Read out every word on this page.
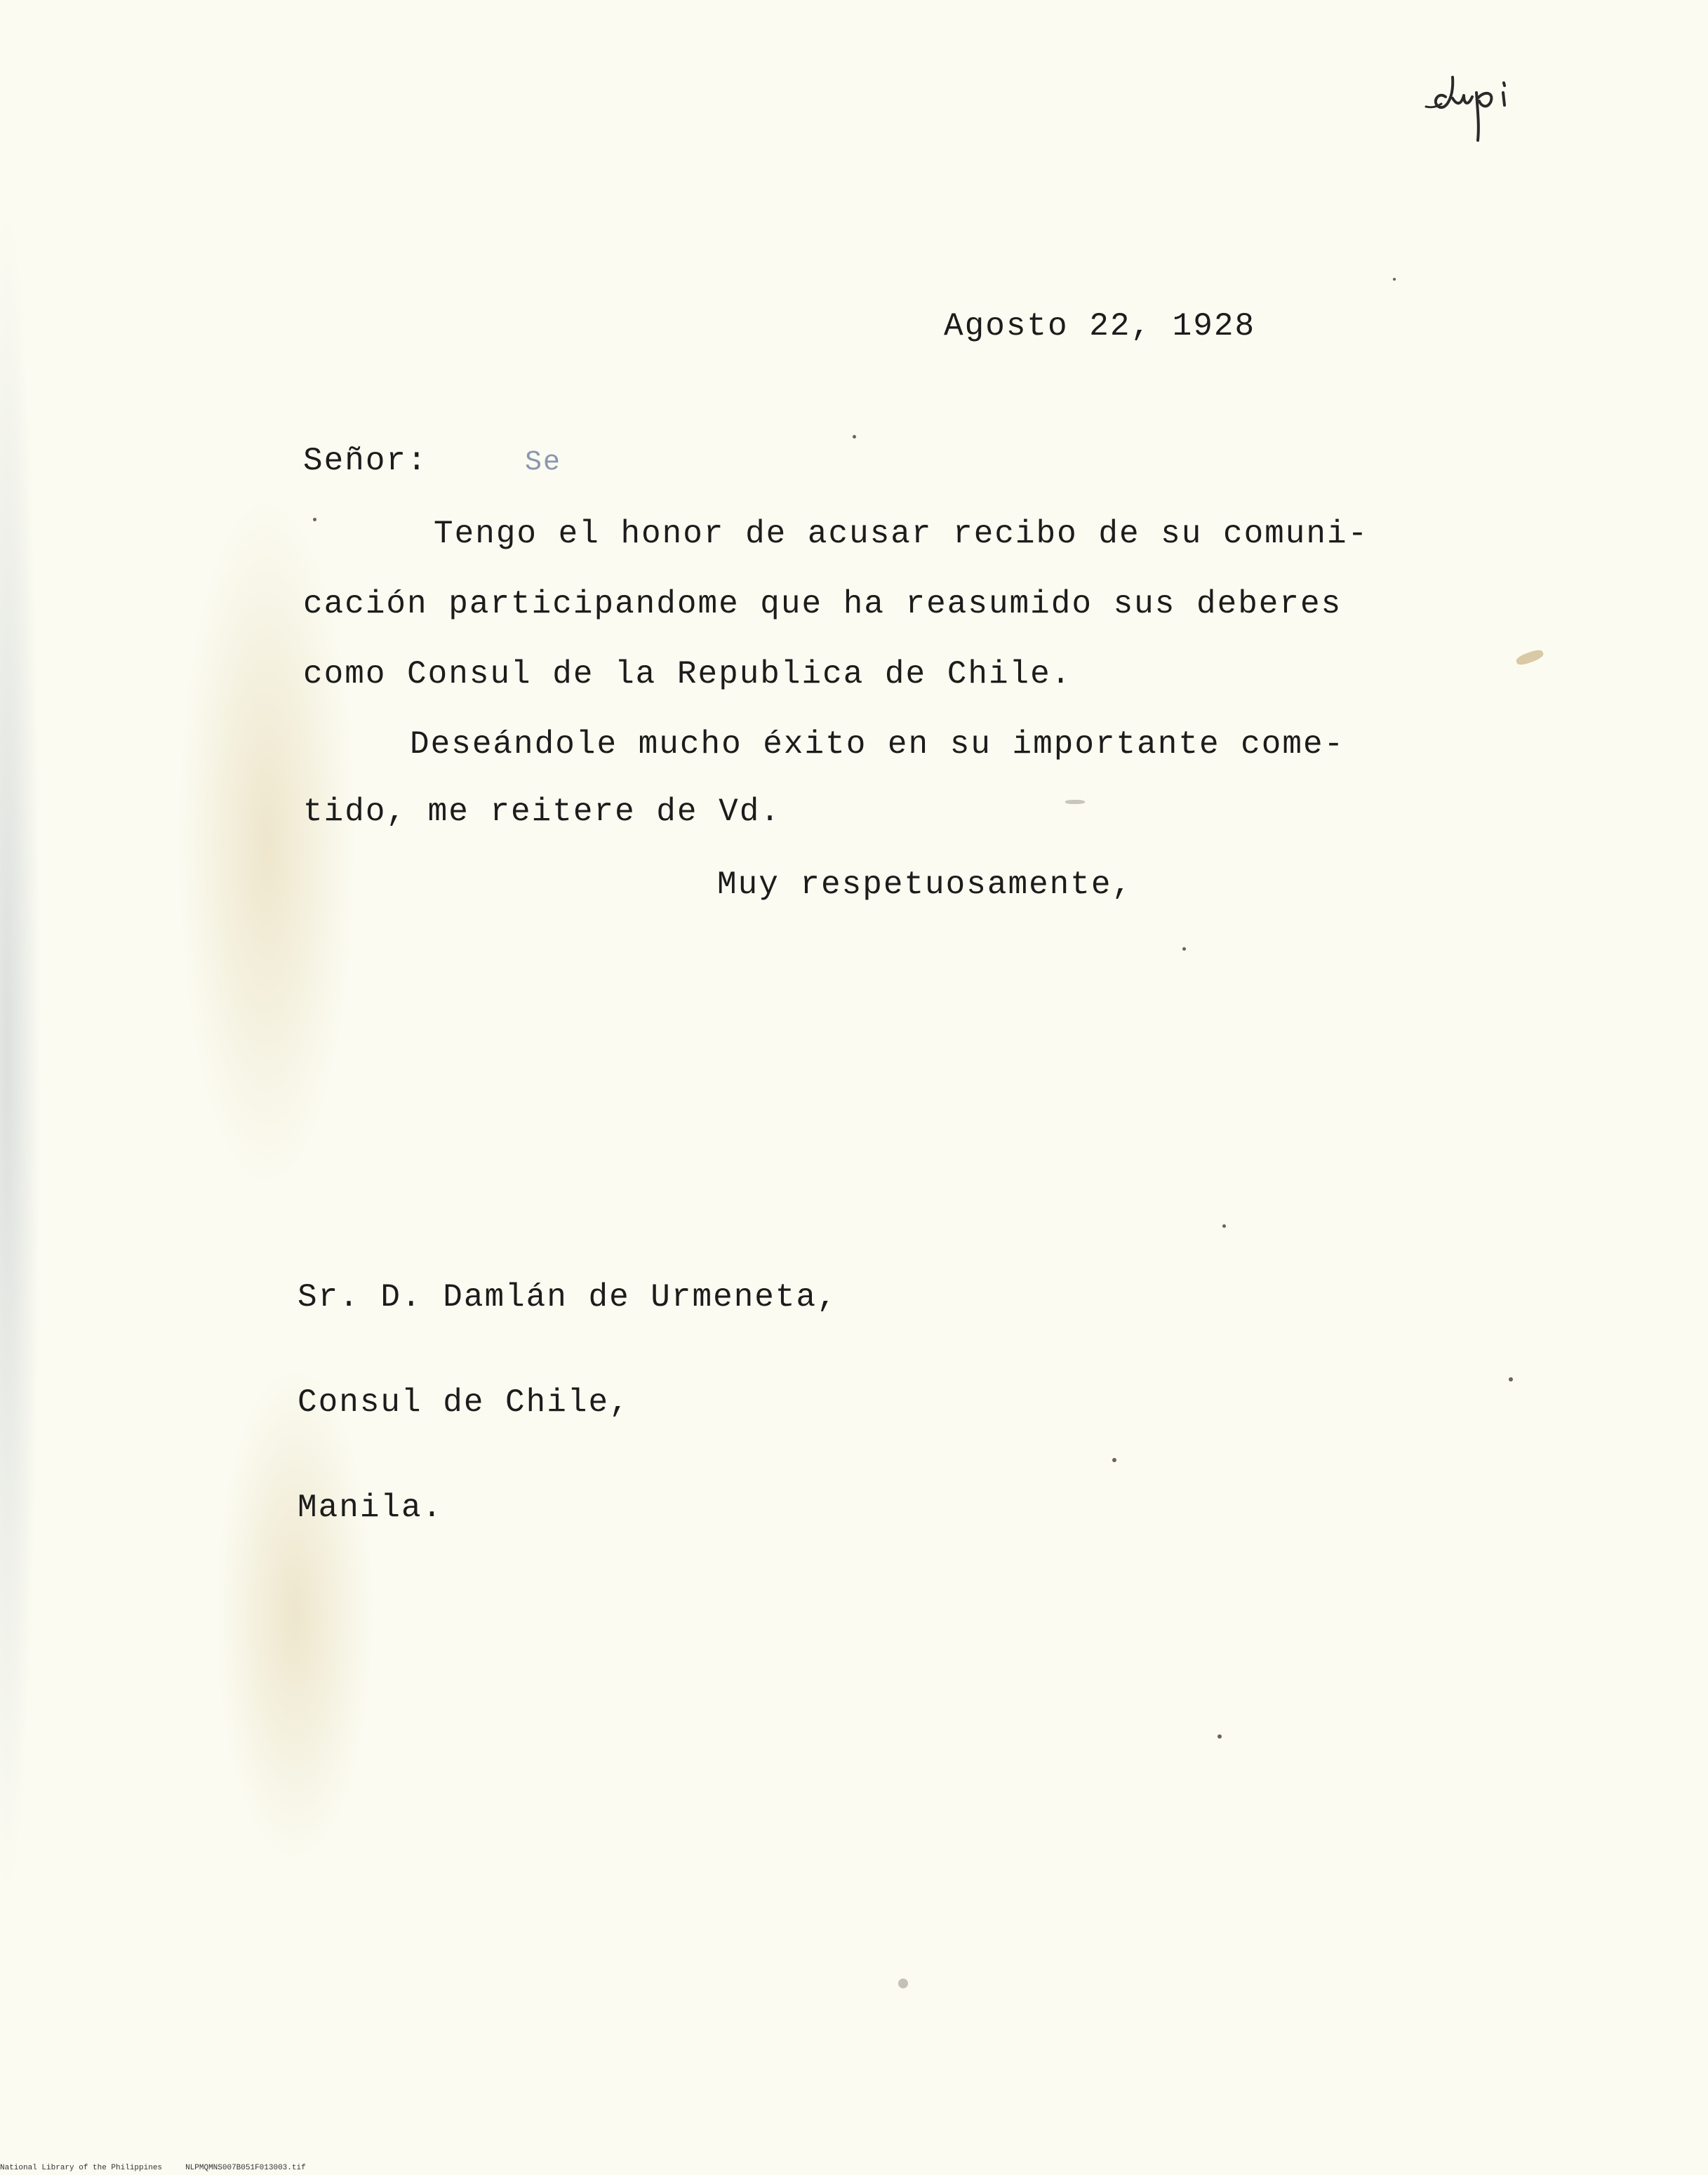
Agosto 22, 1928
Señor:	Se
Tengo el honor de acusar recibo de su comuni-
cación participandome que ha reasumido sus deberes
como Consul de la Republica de Chile.
Deseándole mucho éxito en su importante come-
tido, me reitere de Vd.
Muy respetuosamente,

Sr. D. Damlán de Urmeneta,

Consul de Chile,

Manila.

National Library of the Philippines	NLPMQMNS007B051F013003.tif
